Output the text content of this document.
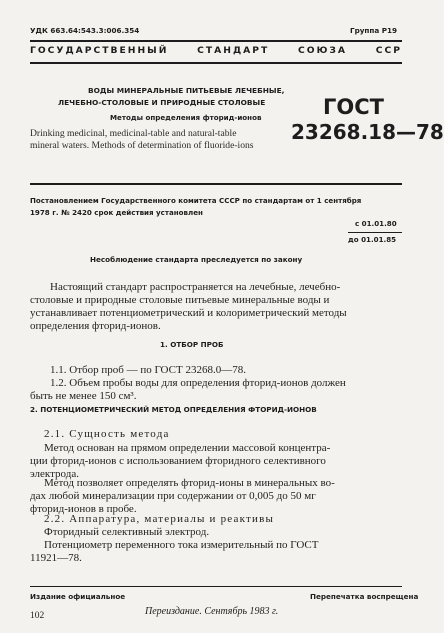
УДК 663.64:543.3:006.354	Группа Р19
ГОСУДАРСТВЕННЫЙ	СТАНДАРТ	СОЮЗА	ССР
ВОДЫ МИНЕРАЛЬНЫЕ ПИТЬЕВЫЕ ЛЕЧЕБНЫЕ,
ЛЕЧЕБНО-СТОЛОВЫЕ И ПРИРОДНЫЕ СТОЛОВЫЕ
Методы определения фторид-ионов
Drinking medicinal, medicinal-table and natural-table
mineral waters. Methods of determination of fluoride-ions
ГОСТ
23268.18—78
Постановлением Государственного комитета СССР по стандартам от 1 сентября
1978 г. № 2420 срок действия установлен
с 01.01.80
до 01.01.85
Несоблюдение стандарта преследуется по закону
Настоящий стандарт распространяется на лечебные, лечебно-
столовые и природные столовые питьевые минеральные воды и
устанавливает потенциометрический и колориметрический методы
определения фторид-ионов.
1. ОТБОР ПРОБ
1.1. Отбор проб — по ГОСТ 23268.0—78.
1.2. Объем пробы воды для определения фторид-ионов должен
быть не менее 150 см³.
2. ПОТЕНЦИОМЕТРИЧЕСКИЙ МЕТОД ОПРЕДЕЛЕНИЯ ФТОРИД-ИОНОВ
2.1. Сущность метода
Метод основан на прямом определении массовой концентра-
ции фторид-ионов с использованием фторидного селективного
электрода.
Метод позволяет определять фторид-ионы в минеральных во-
дах любой минерализации при содержании от 0,005 до 50 мг
фторид-ионов в пробе.
2.2. Аппаратура, материалы и реактивы
Фторидный селективный электрод.
Потенциометр переменного тока измерительный по ГОСТ
11921—78.
Издание официальное	Перепечатка воспрещена
Переиздание. Сентябрь 1983 г.
102
